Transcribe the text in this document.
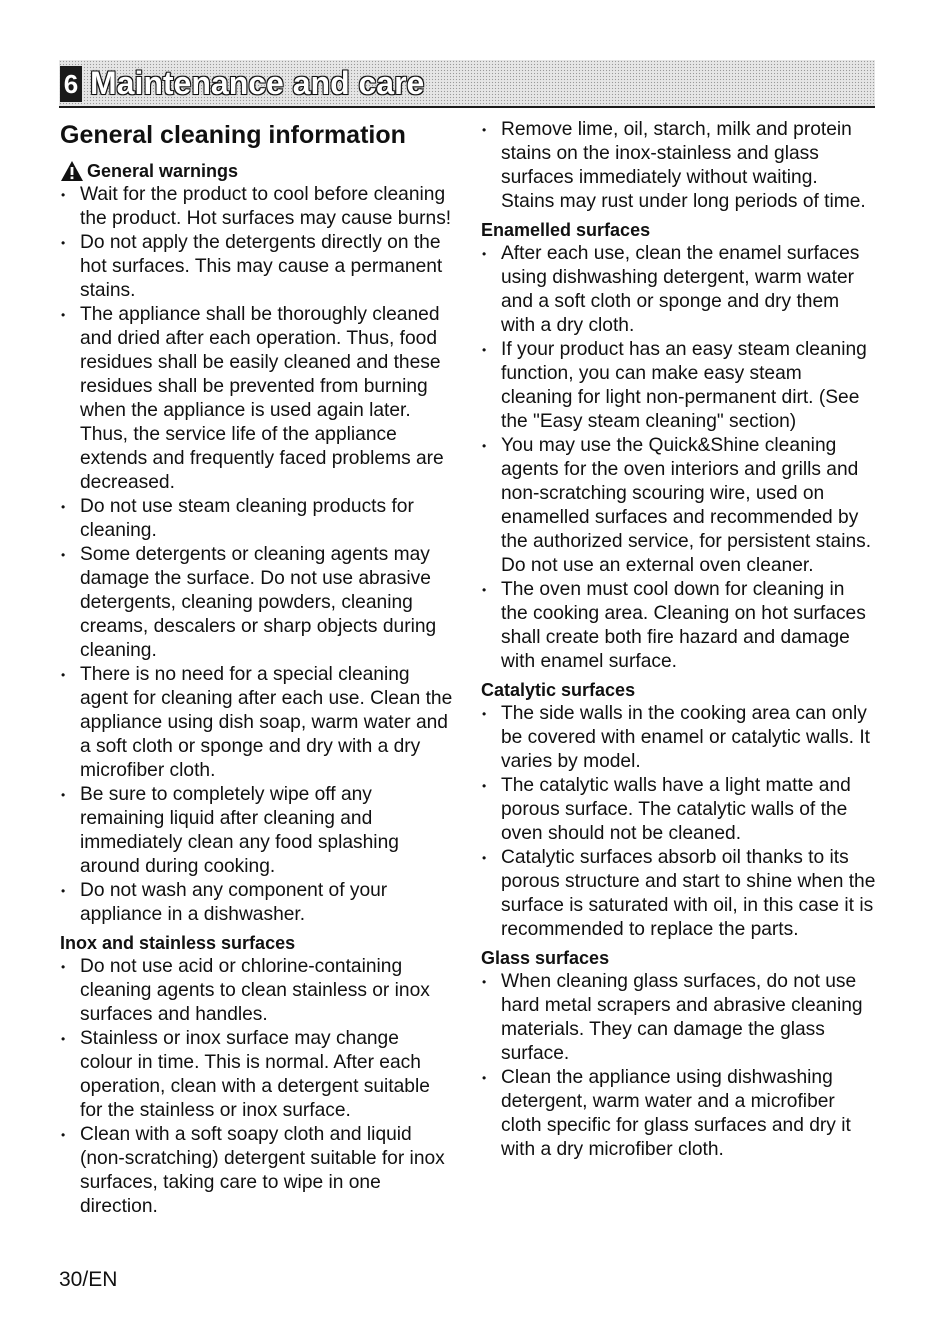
6 Maintenance and care
General cleaning information
General warnings
• Wait for the product to cool before cleaning the product. Hot surfaces may cause burns!
• Do not apply the detergents directly on the hot surfaces. This may cause a permanent stains.
• The appliance shall be thoroughly cleaned and dried after each operation. Thus, food residues shall be easily cleaned and these residues shall be prevented from burning when the appliance is used again later. Thus, the service life of the appliance extends and frequently faced problems are decreased.
• Do not use steam cleaning products for cleaning.
• Some detergents or cleaning agents may damage the surface. Do not use abrasive detergents, cleaning powders, cleaning creams, descalers or sharp objects during cleaning.
• There is no need for a special cleaning agent for cleaning after each use. Clean the appliance using dish soap, warm water and a soft cloth or sponge and dry with a dry microfiber cloth.
• Be sure to completely wipe off any remaining liquid after cleaning and immediately clean any food splashing around during cooking.
• Do not wash any component of your appliance in a dishwasher.
Inox and stainless surfaces
• Do not use acid or chlorine-containing cleaning agents to clean stainless or inox surfaces and handles.
• Stainless or inox surface may change colour in time. This is normal. After each operation, clean with a detergent suitable for the stainless or inox surface.
• Clean with a soft soapy cloth and liquid (non-scratching) detergent suitable for inox surfaces, taking care to wipe in one direction.
• Remove lime, oil, starch, milk and protein stains on the inox-stainless and glass surfaces immediately without waiting. Stains may rust under long periods of time.
Enamelled surfaces
• After each use, clean the enamel surfaces using dishwashing detergent, warm water and a soft cloth or sponge and dry them with a dry cloth.
• If your product has an easy steam cleaning function, you can make easy steam cleaning for light non-permanent dirt. (See the "Easy steam cleaning" section)
• You may use the Quick&Shine cleaning agents for the oven interiors and grills and non-scratching scouring wire, used on enamelled surfaces and recommended by the authorized service, for persistent stains. Do not use an external oven cleaner.
• The oven must cool down for cleaning in the cooking area. Cleaning on hot surfaces shall create both fire hazard and damage with enamel surface.
Catalytic surfaces
• The side walls in the cooking area can only be covered with enamel or catalytic walls. It varies by model.
• The catalytic walls have a light matte and porous surface. The catalytic walls of the oven should not be cleaned.
• Catalytic surfaces absorb oil thanks to its porous structure and start to shine when the surface is saturated with oil, in this case it is recommended to replace the parts.
Glass surfaces
• When cleaning glass surfaces, do not use hard metal scrapers and abrasive cleaning materials. They can damage the glass surface.
• Clean the appliance using dishwashing detergent, warm water and a microfiber cloth specific for glass surfaces and dry it with a dry microfiber cloth.
30/EN
